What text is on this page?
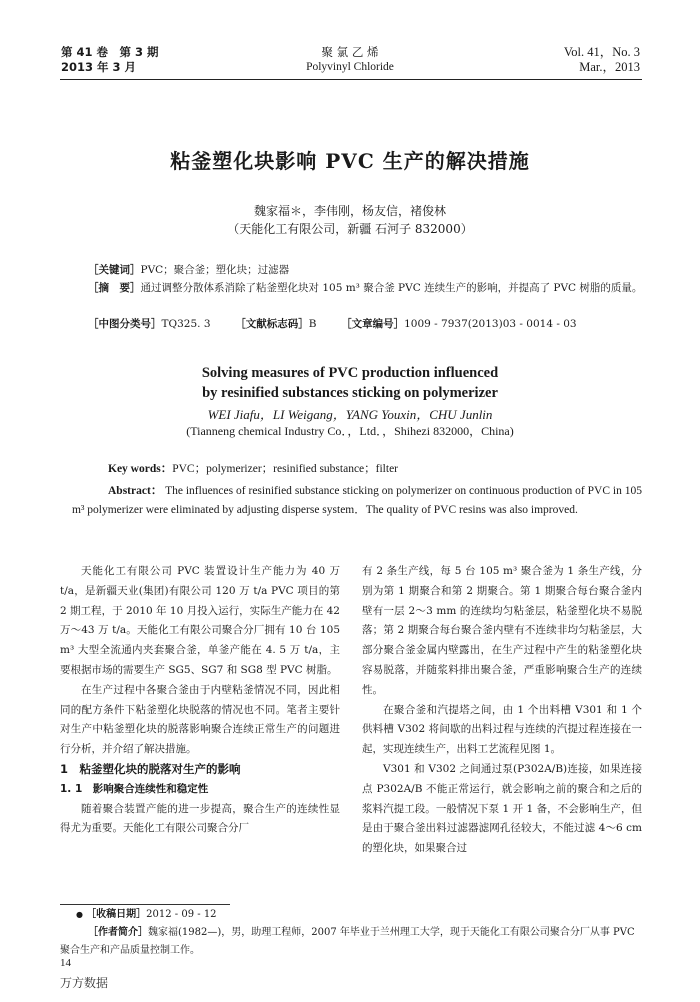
第 41 卷　第 3 期
2013 年 3 月
聚 氯 乙 烯
Polyvinyl Chloride
Vol. 41，No. 3
Mar.，2013
粘釜塑化块影响 PVC 生产的解决措施
魏家福＊，李伟刚，杨友信，褚俊林
（天能化工有限公司，新疆 石河子 832000）
［关键词］PVC；聚合釜；塑化块；过滤器
［摘　要］通过调整分散体系消除了粘釜塑化块对 105 m³ 聚合釜 PVC 连续生产的影响，并提高了 PVC 树脂的质量。
［中图分类号］TQ325. 3 ［文献标志码］B ［文章编号］1009 - 7937(2013)03 - 0014 - 03
Solving measures of PVC production influenced
by resinified substances sticking on polymerizer
WEI Jiafu，LI Weigang，YANG Youxin，CHU Junlin
(Tianneng chemical Industry Co．，Ltd．，Shihezi 832000，China)
Key words：PVC；polymerizer；resinified substance；filter
Abstract： The influences of resinified substance sticking on polymerizer on continuous production of PVC in 105 m³ polymerizer were eliminated by adjusting disperse system．The quality of PVC resins was also improved.

天能化工有限公司 PVC 装置设计生产能力为 40 万 t/a，是新疆天业(集团)有限公司 120 万 t/a PVC 项目的第 2 期工程，于 2010 年 10 月投入运行，实际生产能力在 42 万～43 万 t/a。天能化工有限公司聚合分厂拥有 10 台 105 m³ 大型全流通内夹套聚合釜，单釜产能在 4. 5 万 t/a，主要根据市场的需要生产 SG5、SG7 和 SG8 型 PVC 树脂。

在生产过程中各聚合釜由于内壁粘釜情况不同，因此相同的配方条件下粘釜塑化块脱落的情况也不同。笔者主要针对生产中粘釜塑化块的脱落影响聚合连续正常生产的问题进行分析，并介绍了解决措施。

1　粘釜塑化块的脱落对生产的影响

1. 1　影响聚合连续性和稳定性

随着聚合装置产能的进一步提高，聚合生产的连续性显得尤为重要。天能化工有限公司聚合分厂

有 2 条生产线，每 5 台 105 m³ 聚合釜为 1 条生产线，分别为第 1 期聚合和第 2 期聚合。第 1 期聚合每台聚合釜内壁有一层 2～3 mm 的连续均匀粘釜层，粘釜塑化块不易脱落；第 2 期聚合每台聚合釜内壁有不连续非均匀粘釜层，大部分聚合釜金属内壁露出，在生产过程中产生的粘釜塑化块容易脱落，并随浆料排出聚合釜，严重影响聚合生产的连续性。

在聚合釜和汽提塔之间，由 1 个出料槽 V301 和 1 个供料槽 V302 将间歇的出料过程与连续的汽提过程连接在一起，实现连续生产，出料工艺流程见图 1。

V301 和 V302 之间通过泵(P302A/B)连接，如果连接点 P302A/B 不能正常运行，就会影响之前的聚合和之后的浆料汽提工段。一般情况下泵 1 开 1 备，不会影响生产，但是由于聚合釜出料过滤器滤网孔径较大，不能过滤 4～6 cm 的塑化块，如果聚合过

● ［收稿日期］2012 - 09 - 12
［作者简介］魏家福(1982—)，男，助理工程师，2007 年毕业于兰州理工大学，现于天能化工有限公司聚合分厂从事 PVC 聚合生产和产品质量控制工作。
14
万方数据
